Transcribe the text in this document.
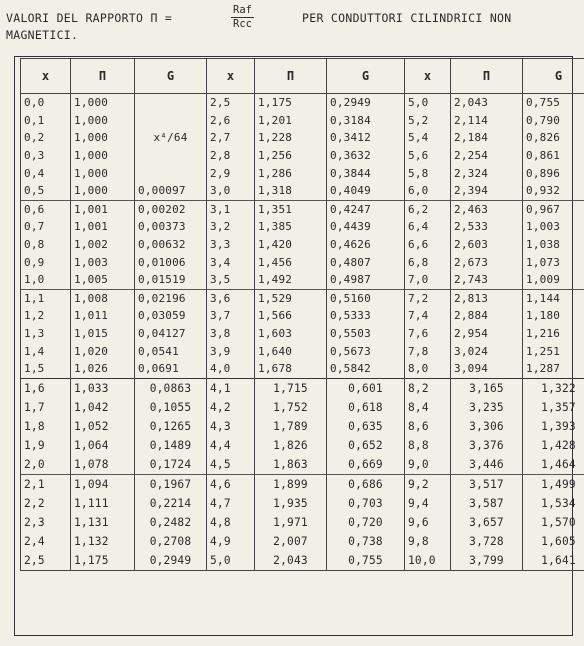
VALORI DEL RAPPORTO Π =	$\frac{\text{Raf}}{\text{Rcc}}$	PER CONDUTTORI CILINDRICI NON
MAGNETICI.
x	Π	G	x	Π	G	x	Π	G
0,0	1,000		2,5	1,175	0,2949	5,0	2,043	0,755
0,1	1,000		2,6	1,201	0,3184	5,2	2,114	0,790
0,2	1,000	x⁴/64	2,7	1,228	0,3412	5,4	2,184	0,826
0,3	1,000		2,8	1,256	0,3632	5,6	2,254	0,861
0,4	1,000		2,9	1,286	0,3844	5,8	2,324	0,896
0,5	1,000	0,00097	3,0	1,318	0,4049	6,0	2,394	0,932
0,6	1,001	0,00202	3,1	1,351	0,4247	6,2	2,463	0,967
0,7	1,001	0,00373	3,2	1,385	0,4439	6,4	2,533	1,003
0,8	1,002	0,00632	3,3	1,420	0,4626	6,6	2,603	1,038
0,9	1,003	0,01006	3,4	1,456	0,4807	6,8	2,673	1,073
1,0	1,005	0,01519	3,5	1,492	0,4987	7,0	2,743	1,009
1,1	1,008	0,02196	3,6	1,529	0,5160	7,2	2,813	1,144
1,2	1,011	0,03059	3,7	1,566	0,5333	7,4	2,884	1,180
1,3	1,015	0,04127	3,8	1,603	0,5503	7,6	2,954	1,216
1,4	1,020	0,0541	3,9	1,640	0,5673	7,8	3,024	1,251
1,5	1,026	0,0691	4,0	1,678	0,5842	8,0	3,094	1,287
1,6	1,033	0,0863	4,1	1,715	0,601	8,2	3,165	1,322
1,7	1,042	0,1055	4,2	1,752	0,618	8,4	3,235	1,357
1,8	1,052	0,1265	4,3	1,789	0,635	8,6	3,306	1,393
1,9	1,064	0,1489	4,4	1,826	0,652	8,8	3,376	1,428
2,0	1,078	0,1724	4,5	1,863	0,669	9,0	3,446	1,464
2,1	1,094	0,1967	4,6	1,899	0,686	9,2	3,517	1,499
2,2	1,111	0,2214	4,7	1,935	0,703	9,4	3,587	1,534
2,3	1,131	0,2482	4,8	1,971	0,720	9,6	3,657	1,570
2,4	1,132	0,2708	4,9	2,007	0,738	9,8	3,728	1,605
2,5	1,175	0,2949	5,0	2,043	0,755	10,0	3,799	1,641
